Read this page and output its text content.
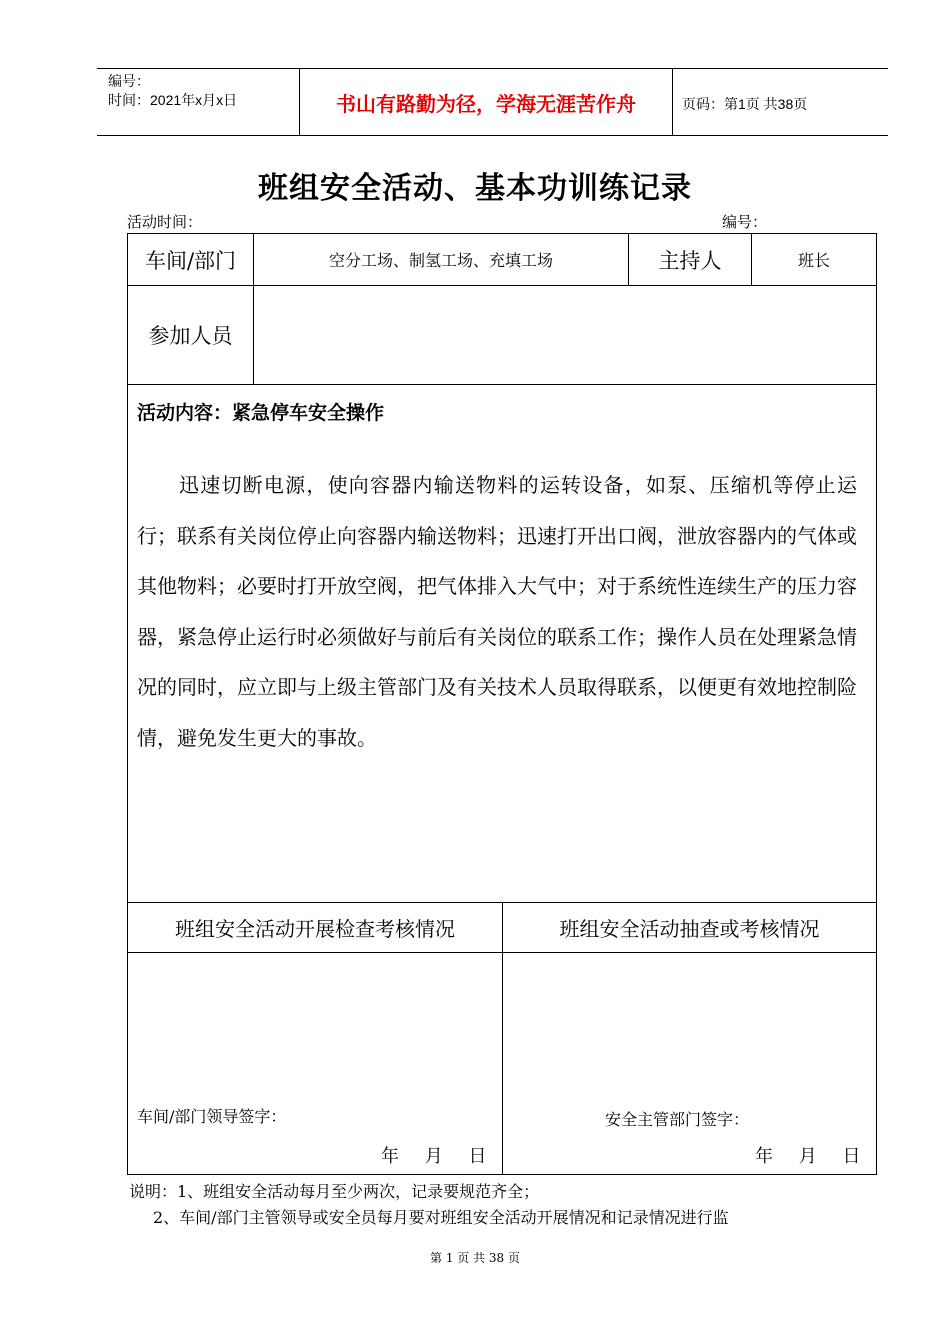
编号：
时间：2021年x月x日	书山有路勤为径，学海无涯苦作舟	页码：第1页 共38页
班组安全活动、基本功训练记录
活动时间：	编号：
车间/部门	空分工场、制氢工场、充填工场	主持人	班长
参加人员
班组安全活动开展检查考核情况	班组安全活动抽查或考核情况
车间/部门领导签字：
年 月 日
安全主管部门签字：
年 月 日
活动内容：紧急停车安全操作
迅速切断电源，使向容器内输送物料的运转设备，如泵、压缩机等停止运行；联系有关岗位停止向容器内输送物料；迅速打开出口阀，泄放容器内的气体或其他物料；必要时打开放空阀，把气体排入大气中；对于系统性连续生产的压力容器，紧急停止运行时必须做好与前后有关岗位的联系工作；操作人员在处理紧急情况的同时，应立即与上级主管部门及有关技术人员取得联系，以便更有效地控制险情，避免发生更大的事故。
说明：1、班组安全活动每月至少两次，记录要规范齐全；
2、车间/部门主管领导或安全员每月要对班组安全活动开展情况和记录情况进行监
第 1 页 共 38 页
